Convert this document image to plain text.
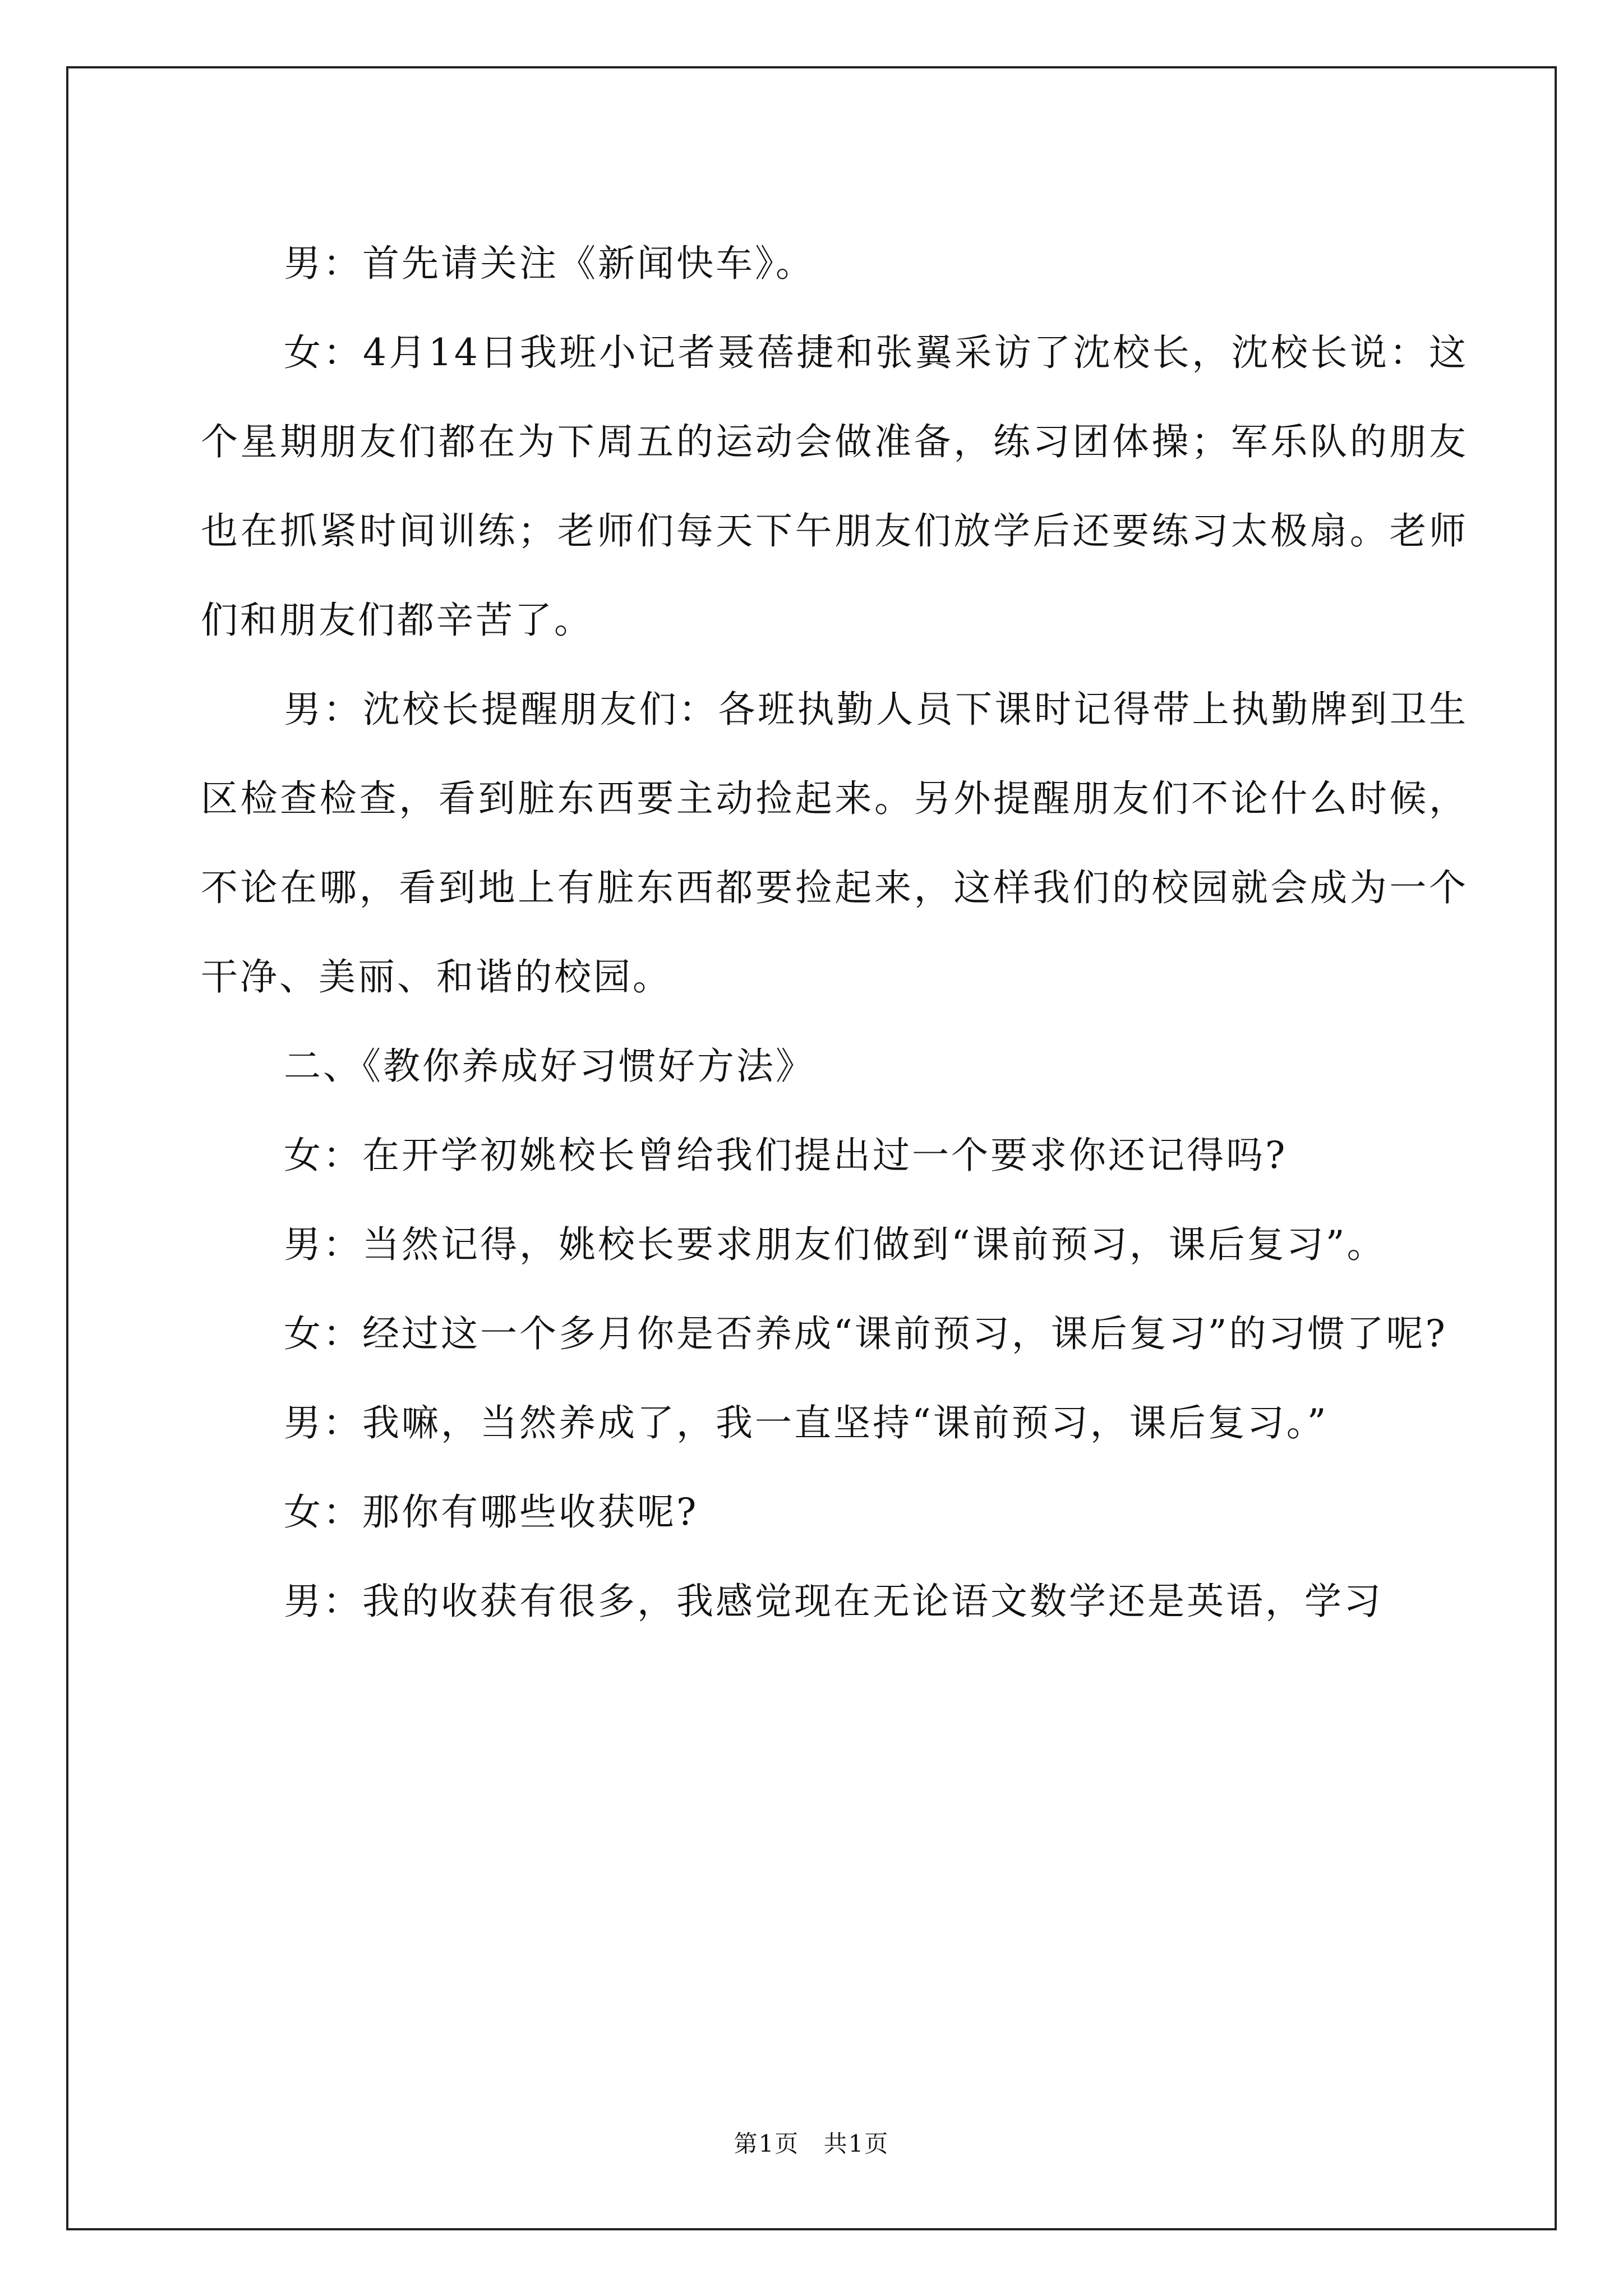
男：首先请关注《新闻快车》。

女：4月14日我班小记者聂蓓捷和张翼采访了沈校长，沈校长说：这个星期朋友们都在为下周五的运动会做准备，练习团体操；军乐队的朋友也在抓紧时间训练；老师们每天下午朋友们放学后还要练习太极扇。老师们和朋友们都辛苦了。

男：沈校长提醒朋友们：各班执勤人员下课时记得带上执勤牌到卫生区检查检查，看到脏东西要主动捡起来。另外提醒朋友们不论什么时候，不论在哪，看到地上有脏东西都要捡起来，这样我们的校园就会成为一个干净、美丽、和谐的校园。

二、《教你养成好习惯好方法》

女：在开学初姚校长曾给我们提出过一个要求你还记得吗?

男：当然记得，姚校长要求朋友们做到“课前预习，课后复习”。

女：经过这一个多月你是否养成“课前预习，课后复习”的习惯了呢?

男：我嘛，当然养成了，我一直坚持“课前预习，课后复习。”

女：那你有哪些收获呢?

男：我的收获有很多，我感觉现在无论语文数学还是英语，学习

第1页 共1页
